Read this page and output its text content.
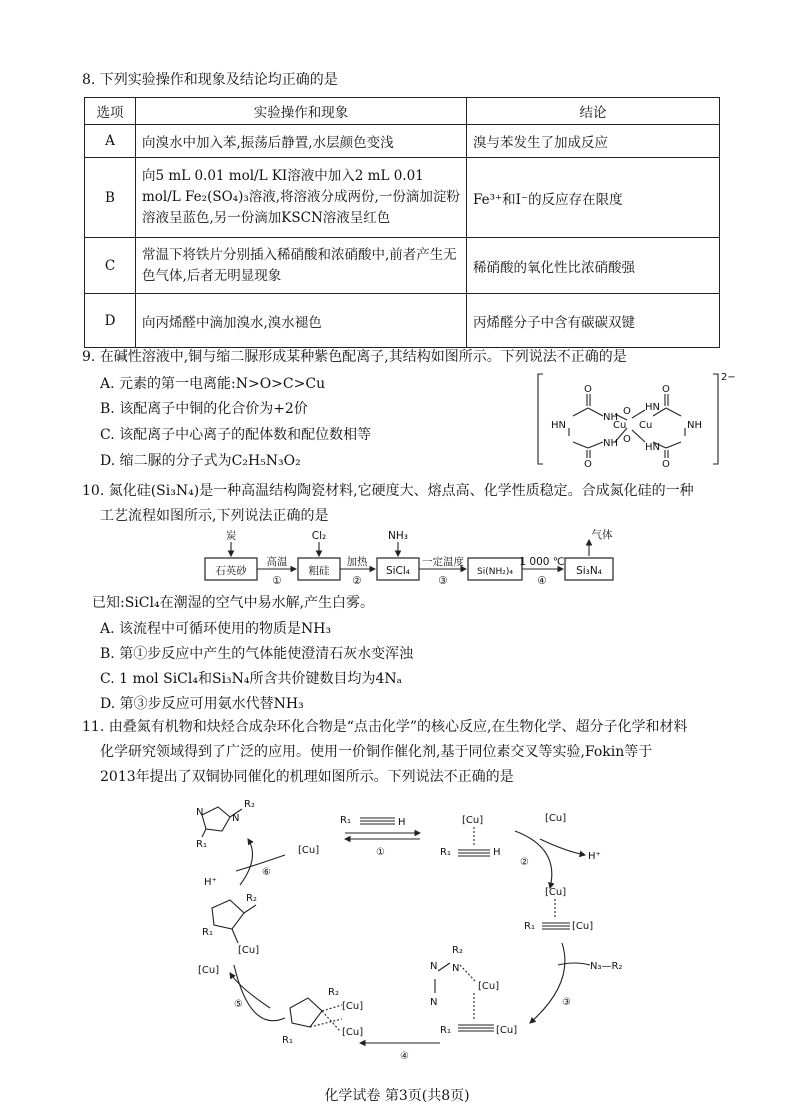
8. 下列实验操作和现象及结论均正确的是
选项	实验操作和现象	结论
A	向溴水中加入苯,振荡后静置,水层颜色变浅	溴与苯发生了加成反应
B	向5 mL 0.01 mol/L KI溶液中加入2 mL 0.01 mol/L Fe₂(SO₄)₃溶液,将溶液分成两份,一份滴加淀粉溶液呈蓝色,另一份滴加KSCN溶液呈红色	Fe³⁺和I⁻的反应存在限度
C	常温下将铁片分别插入稀硝酸和浓硝酸中,前者产生无色气体,后者无明显现象	稀硝酸的氧化性比浓硝酸强
D	向丙烯醛中滴加溴水,溴水褪色	丙烯醛分子中含有碳碳双键
9. 在碱性溶液中,铜与缩二脲形成某种紫色配离子,其结构如图所示。下列说法不正确的是
A. 元素的第一电离能:N>O>C>Cu
B. 该配离子中铜的化合价为+2价
C. 该配离子中心离子的配体数和配位数相等
D. 缩二脲的分子式为C₂H₅N₃O₂
2−
O
NH
HN
NH
O
O
O
Cu Cu
O
HN
NH
HN
O
10. 氮化硅(Si₃N₄)是一种高温结构陶瓷材料,它硬度大、熔点高、化学性质稳定。合成氮化硅的一种
工艺流程如图所示,下列说法正确的是
石英砂	粗硅	SiCl₄	Si(NH₂)₄	Si₃N₄
炭	Cl₂	NH₃	气体
高温	加热	一定温度	1 000 ℃
①	②	③	④
已知:SiCl₄在潮湿的空气中易水解,产生白雾。
A. 该流程中可循环使用的物质是NH₃
B. 第①步反应中产生的气体能使澄清石灰水变浑浊
C. 1 mol SiCl₄和Si₃N₄所含共价键数目均为4Nₐ
D. 第③步反应可用氨水代替NH₃
11. 由叠氮有机物和炔烃合成杂环化合物是“点击化学”的核心反应,在生物化学、超分子化学和材料
化学研究领域得到了广泛的应用。使用一价铜作催化剂,基于同位素交叉等实验,Fokin等于
2013年提出了双铜协同催化的机理如图所示。下列说法不正确的是
N
N
R₂
R₁
[Cu]
R₁	H
①
[Cu]
R₁	H
[Cu]
②
H⁺
[Cu]
R₁	[Cu]
N₃—R₂
③
R₂
N N
N
[Cu]
R₁	[Cu]
④
R₂
[Cu]
[Cu]
R₁
[Cu]
⑤
R₂
R₁
[Cu]
H⁺
⑥
化学试卷 第3页(共8页)
